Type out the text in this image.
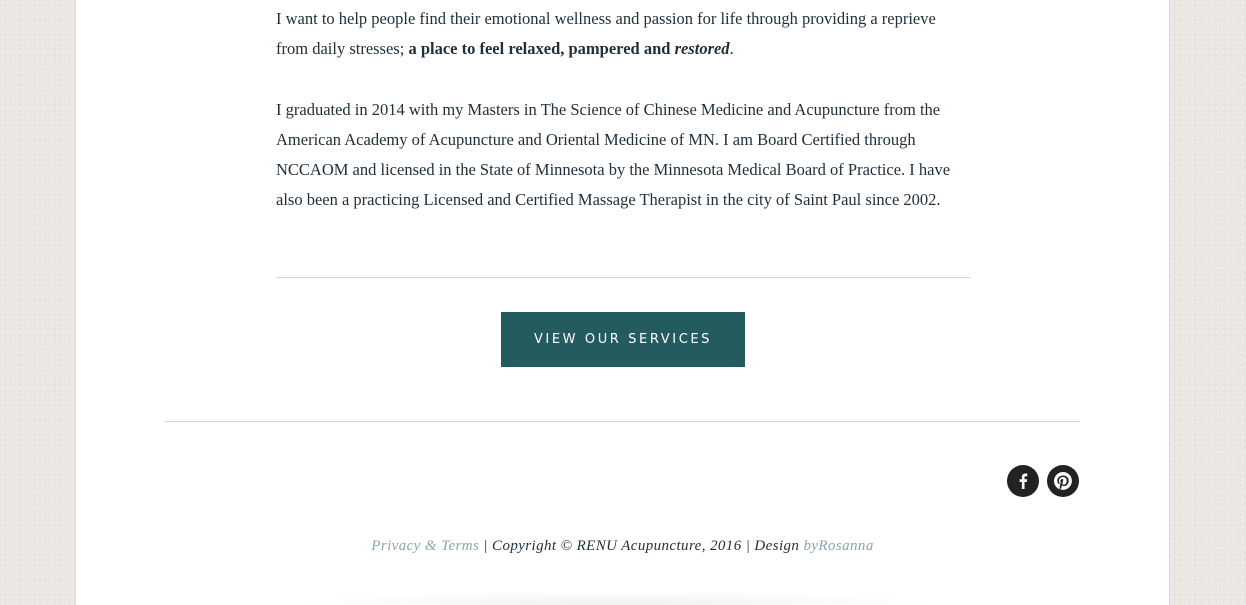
I want to help people find their emotional wellness and passion for life through providing a reprieve from daily stresses; a place to feel relaxed, pampered and restored.

I graduated in 2014 with my Masters in The Science of Chinese Medicine and Acupuncture from the American Academy of Acupuncture and Oriental Medicine of MN. I am Board Certified through NCCAOM and licensed in the State of Minnesota by the Minnesota Medical Board of Practice. I have also been a practicing Licensed and Certified Massage Therapist in the city of Saint Paul since 2002.

VIEW OUR SERVICES
Privacy & Terms | Copyright © RENU Acupuncture, 2016 | Design byRosanna
